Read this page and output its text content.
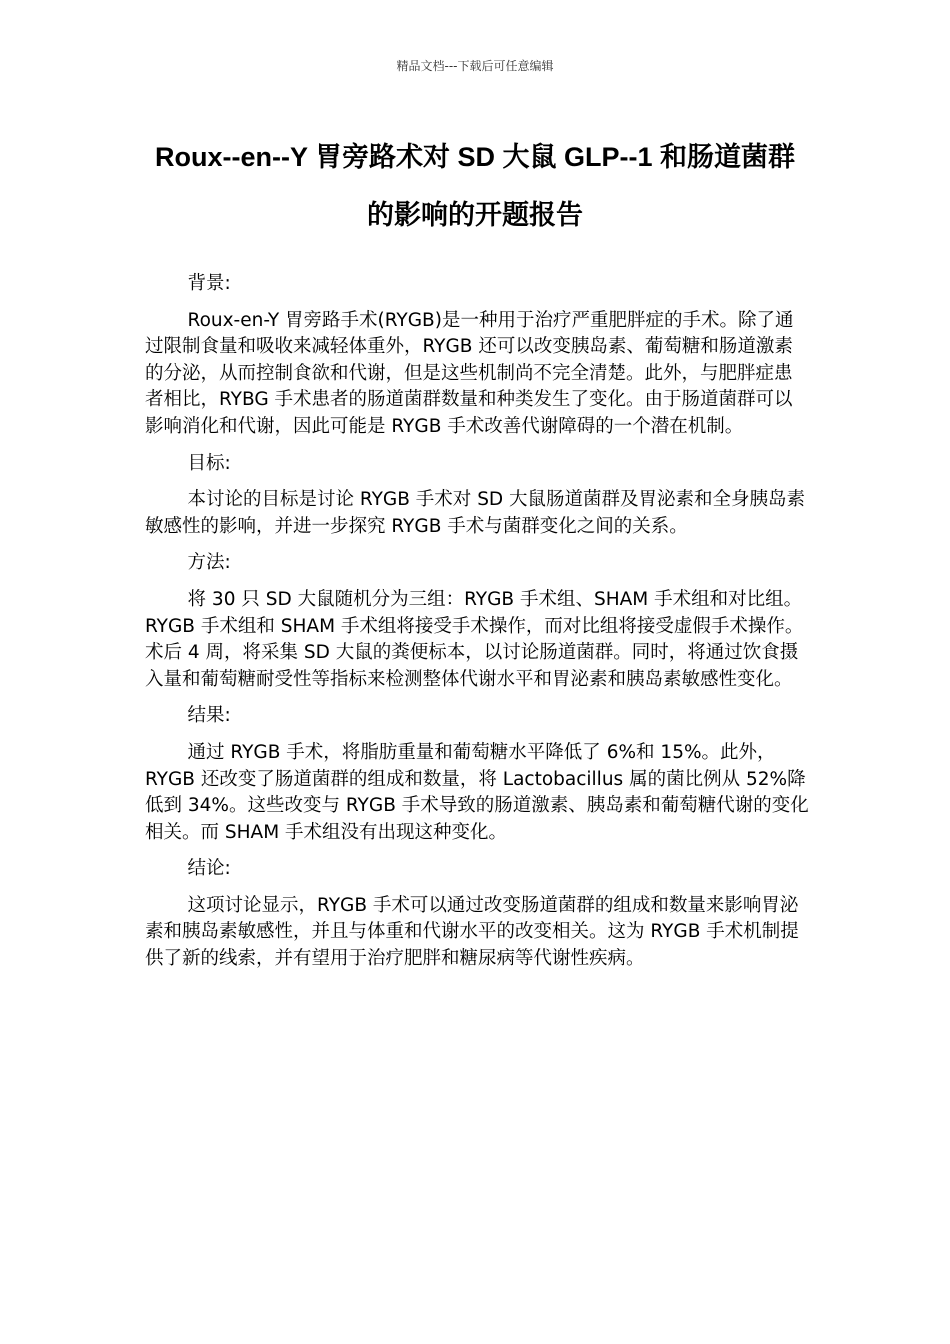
精品文档---下载后可任意编辑
Roux--en--Y 胃旁路术对 SD 大鼠 GLP--1 和肠道菌群
的影响的开题报告

背景:

Roux-en-Y 胃旁路手术(RYGB)是一种用于治疗严重肥胖症的手术。除了通过限制食量和吸收来减轻体重外，RYGB 还可以改变胰岛素、葡萄糖和肠道激素的分泌，从而控制食欲和代谢，但是这些机制尚不完全清楚。此外，与肥胖症患者相比，RYBG 手术患者的肠道菌群数量和种类发生了变化。由于肠道菌群可以影响消化和代谢，因此可能是 RYGB 手术改善代谢障碍的一个潜在机制。

目标:

本讨论的目标是讨论 RYGB 手术对 SD 大鼠肠道菌群及胃泌素和全身胰岛素敏感性的影响，并进一步探究 RYGB 手术与菌群变化之间的关系。

方法:

将 30 只 SD 大鼠随机分为三组：RYGB 手术组、SHAM 手术组和对比组。RYGB 手术组和 SHAM 手术组将接受手术操作，而对比组将接受虚假手术操作。术后 4 周，将采集 SD 大鼠的粪便标本，以讨论肠道菌群。同时，将通过饮食摄入量和葡萄糖耐受性等指标来检测整体代谢水平和胃泌素和胰岛素敏感性变化。

结果:

通过 RYGB 手术，将脂肪重量和葡萄糖水平降低了 6%和 15%。此外，RYGB 还改变了肠道菌群的组成和数量，将 Lactobacillus 属的菌比例从 52%降低到 34%。这些改变与 RYGB 手术导致的肠道激素、胰岛素和葡萄糖代谢的变化相关。而 SHAM 手术组没有出现这种变化。

结论:

这项讨论显示，RYGB 手术可以通过改变肠道菌群的组成和数量来影响胃泌素和胰岛素敏感性，并且与体重和代谢水平的改变相关。这为 RYGB 手术机制提供了新的线索，并有望用于治疗肥胖和糖尿病等代谢性疾病。
